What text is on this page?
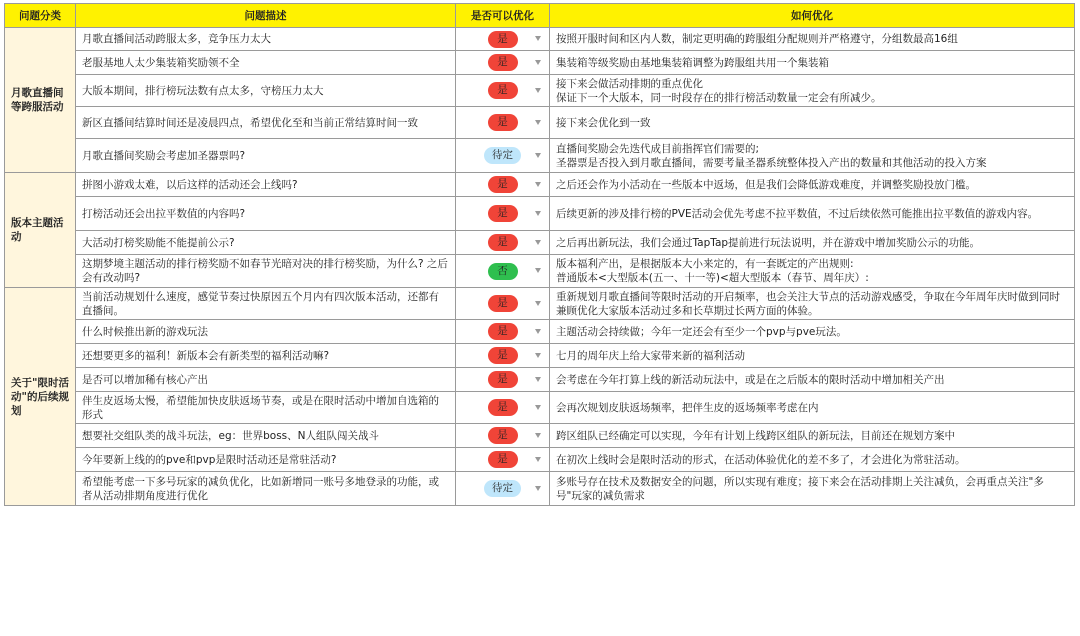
问题分类	问题描述	是否可以优化	如何优化
月歌直播间等跨服活动	月歌直播间活动跨服太多，竞争压力太大	是	按照开服时间和区内人数，制定更明确的跨服组分配规则并严格遵守，分组数最高16组
	老服基地人太少集装箱奖励领不全	是	集装箱等级奖励由基地集装箱调整为跨服组共用一个集装箱
	大版本期间，排行榜玩法数有点太多，守榜压力太大	是	接下来会做活动排期的重点优化
保证下一个大版本，同一时段存在的排行榜活动数量一定会有所减少。
	新区直播间结算时间还是凌晨四点，希望优化至和当前正常结算时间一致	是	接下来会优化到一致
	月歌直播间奖励会考虑加圣器票吗?	待定	直播间奖励会先迭代成目前指挥官们需要的;
圣器票是否投入到月歌直播间，需要考量圣器系统整体投入产出的数量和其他活动的投入方案
版本主题活动	拼图小游戏太难，以后这样的活动还会上线吗?	是	之后还会作为小活动在一些版本中返场，但是我们会降低游戏难度，并调整奖励投放门槛。
	打榜活动还会出拉平数值的内容吗?	是	后续更新的涉及排行榜的PVE活动会优先考虑不拉平数值，不过后续依然可能推出拉平数值的游戏内容。
	大活动打榜奖励能不能提前公示?	是	之后再出新玩法，我们会通过TapTap提前进行玩法说明，并在游戏中增加奖励公示的功能。
	这期梦境主题活动的排行榜奖励不如春节光暗对决的排行榜奖励，为什么? 之后会有改动吗?	否	版本福利产出，是根据版本大小来定的，有一套既定的产出规则:
普通版本<大型版本(五一、十一等)<超大型版本（春节、周年庆）:
关于"限时活动"的后续规划	当前活动规划什么速度，感觉节奏过快原因五个月内有四次版本活动，还都有直播间。	是	重新规划月歌直播间等限时活动的开启频率，也会关注大节点的活动游戏感受，争取在今年周年庆时做到同时兼顾优化大家版本活动过多和长草期过长两方面的体验。
	什么时候推出新的游戏玩法	是	主题活动会持续做；今年一定还会有至少一个pvp与pve玩法。
	还想要更多的福利！新版本会有新类型的福利活动嘛?	是	七月的周年庆上给大家带来新的福利活动
	是否可以增加稀有核心产出	是	会考虑在今年打算上线的新活动玩法中，或是在之后版本的限时活动中增加相关产出
	伴生皮返场太慢，希望能加快皮肤返场节奏，或是在限时活动中增加自选箱的形式	是	会再次规划皮肤返场频率，把伴生皮的返场频率考虑在内
	想要社交组队类的战斗玩法，eg：世界boss、N人组队闯关战斗	是	跨区组队已经确定可以实现，今年有计划上线跨区组队的新玩法，目前还在规划方案中
	今年要新上线的的pve和pvp是限时活动还是常驻活动?	是	在初次上线时会是限时活动的形式，在活动体验优化的差不多了，才会进化为常驻活动。
	希望能考虑一下多号玩家的减负优化，比如新增同一账号多地登录的功能，或者从活动排期角度进行优化	待定	多账号存在技术及数据安全的问题，所以实现有难度；接下来会在活动排期上关注减负，会再重点关注"多号"玩家的减负需求
